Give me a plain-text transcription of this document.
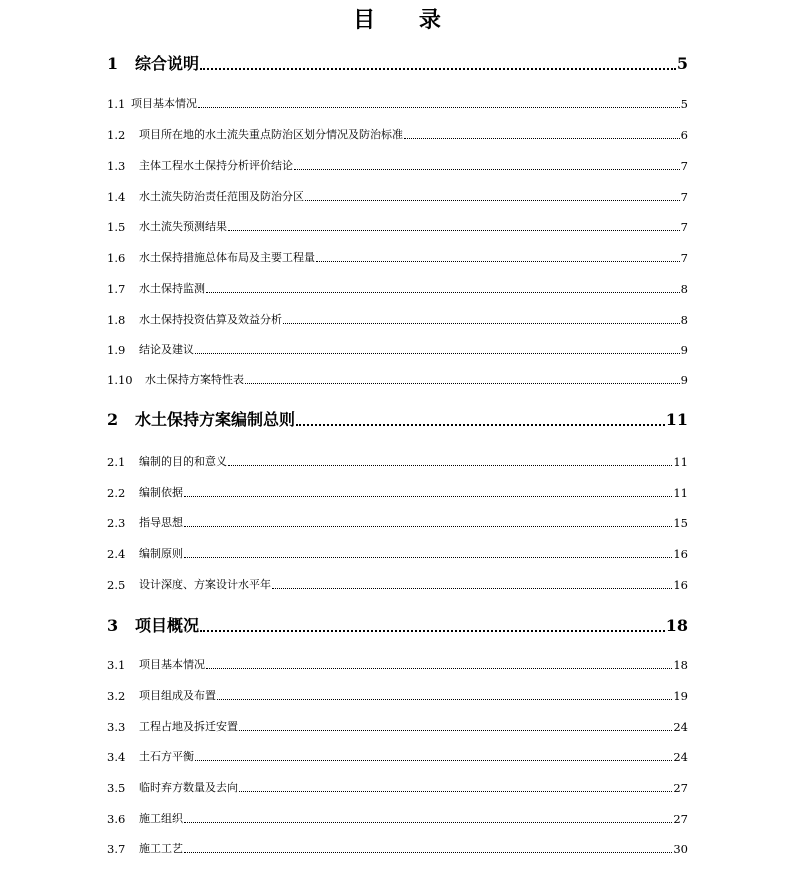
目 录
1	综合说明	5
1.1 项目基本情况	5
1.2	项目所在地的水土流失重点防治区划分情况及防治标准	6
1.3	主体工程水土保持分析评价结论	7
1.4	水土流失防治责任范围及防治分区	7
1.5	水土流失预测结果	7
1.6	水土保持措施总体布局及主要工程量	7
1.7	水土保持监测	8
1.8	水土保持投资估算及效益分析	8
1.9	结论及建议	9
1.10	水土保持方案特性表	9
2	水土保持方案编制总则	11
2.1	编制的目的和意义	11
2.2	编制依据	11
2.3	指导思想	15
2.4	编制原则	16
2.5	设计深度、方案设计水平年	16
3	项目概况	18
3.1	项目基本情况	18
3.2	项目组成及布置	19
3.3	工程占地及拆迁安置	24
3.4	土石方平衡	24
3.5	临时弃方数量及去向	27
3.6	施工组织	27
3.7	施工工艺	30
